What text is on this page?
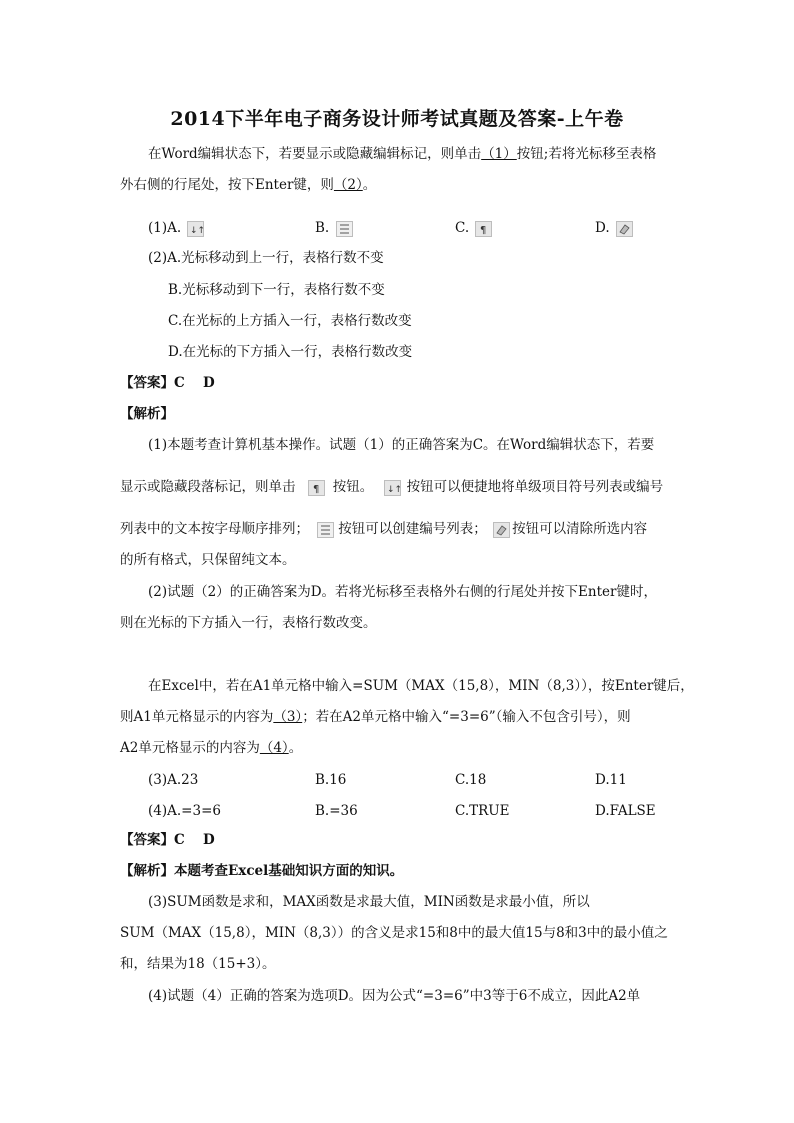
2014下半年电子商务设计师考试真题及答案-上午卷
在Word编辑状态下，若要显示或隐藏编辑标记，则单击（1）按钮;若将光标移至表格
外右侧的行尾处，按下Enter键，则（2）。
(1)A. ↓↑	B.	C. ¶	D.
(2)A.光标移动到上一行，表格行数不变
B.光标移动到下一行，表格行数不变
C.在光标的上方插入一行，表格行数改变
D.在光标的下方插入一行，表格行数改变
【答案】C　 D
【解析】
(1)本题考查计算机基本操作。试题（1）的正确答案为C。在Word编辑状态下，若要
显示或隐藏段落标记，则单击 ¶ 按钮。 ↓↑ 按钮可以便捷地将单级项目符号列表或编号
列表中的文本按字母顺序排列； 按钮可以创建编号列表； 按钮可以清除所选内容
的所有格式，只保留纯文本。
(2)试题（2）的正确答案为D。若将光标移至表格外右侧的行尾处并按下Enter键时，
则在光标的下方插入一行，表格行数改变。
在Excel中，若在A1单元格中输入=SUM（MAX（15,8），MIN（8,3）），按Enter键后，
则A1单元格显示的内容为（3）；若在A2单元格中输入“=3=6”（输入不包含引号），则
A2单元格显示的内容为（4）。
(3)A.23	B.16	C.18	D.11
(4)A.=3=6	B.=36	C.TRUE	D.FALSE
【答案】C　 D
【解析】本题考查Excel基础知识方面的知识。
(3)SUM函数是求和，MAX函数是求最大值，MIN函数是求最小值，所以
SUM（MAX（15,8），MIN（8,3））的含义是求15和8中的最大值15与8和3中的最小值之
和，结果为18（15+3）。
(4)试题（4）正确的答案为选项D。因为公式“=3=6”中3等于6不成立，因此A2单
